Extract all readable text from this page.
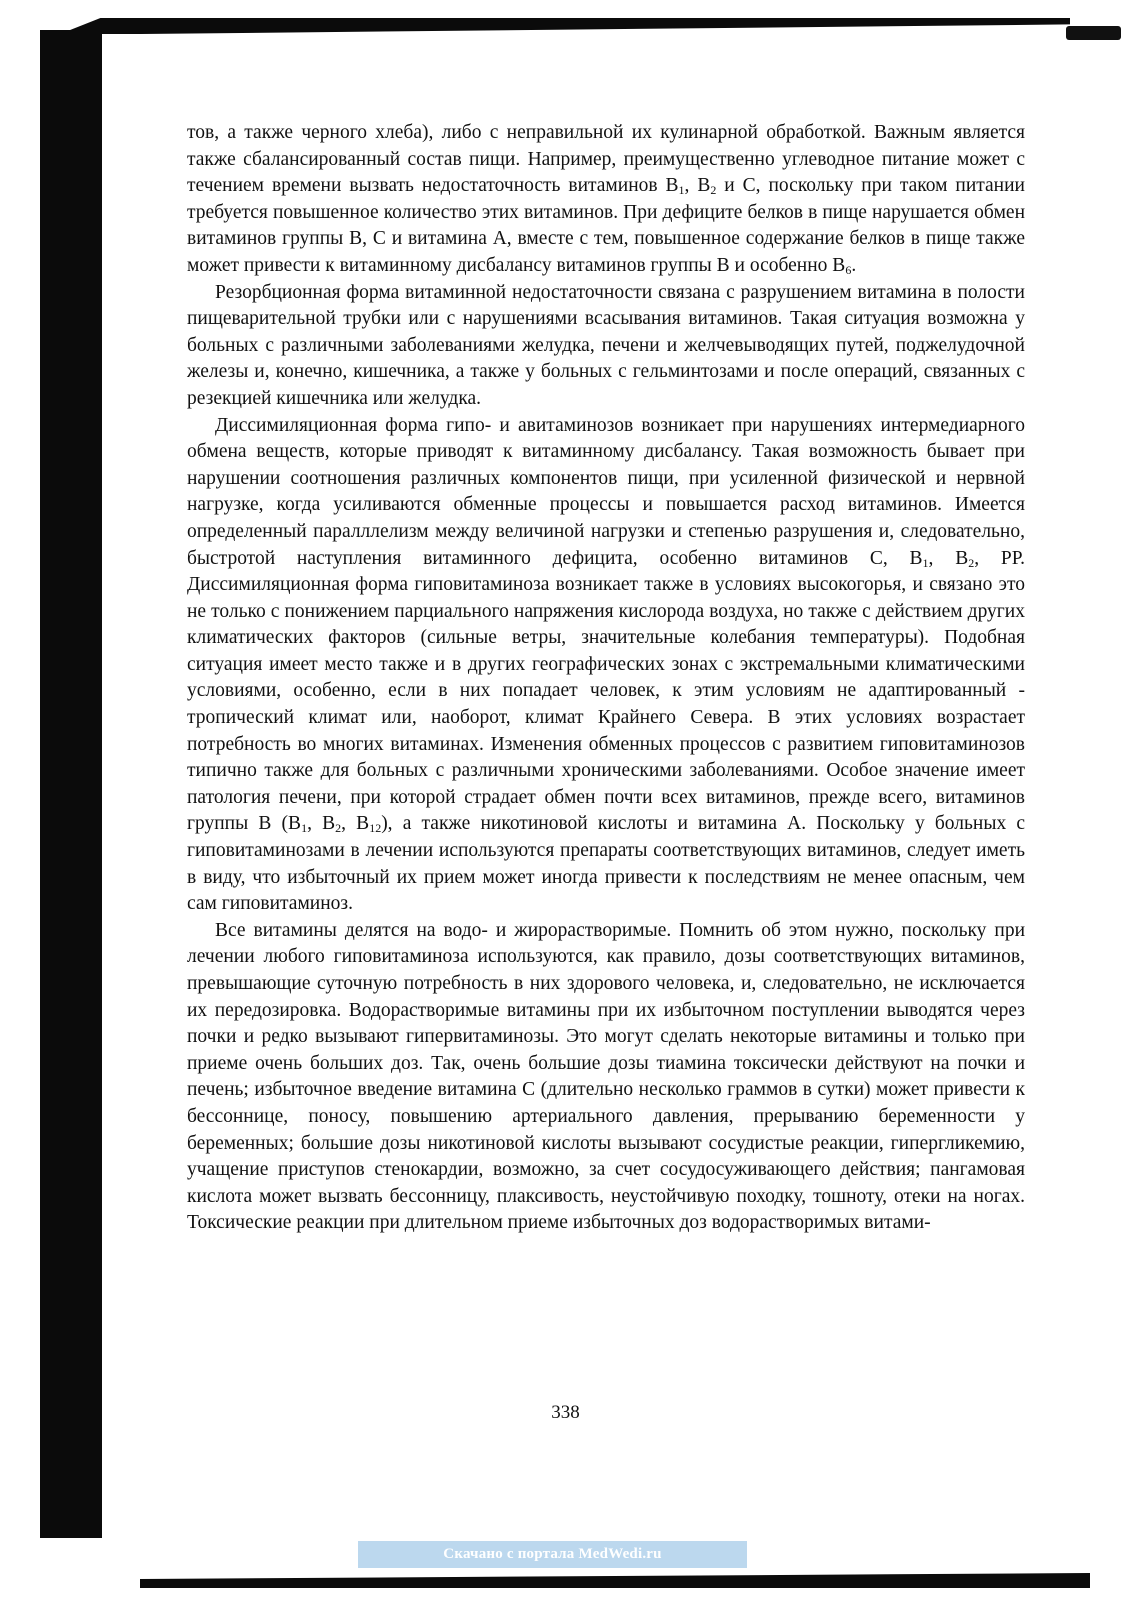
тов, а также черного хлеба), либо с неправильной их кулинарной обработкой. Важным является также сбалансированный состав пищи. Например, преимущественно углеводное питание может с течением времени вызвать недостаточность витаминов $B_1$, $B_2$ и С, поскольку при таком питании требуется повышенное количество этих витаминов. При дефиците белков в пище нарушается обмен витаминов группы В, С и витамина А, вместе с тем, повышенное содержание белков в пище также может привести к витаминному дисбалансу витаминов группы В и особенно $B_6$.

Резорбционная форма витаминной недостаточности связана с разрушением витамина в полости пищеварительной трубки или с нарушениями всасывания витаминов. Такая ситуация возможна у больных с различными заболеваниями желудка, печени и желчевыводящих путей, поджелудочной железы и, конечно, кишечника, а также у больных с гельминтозами и после операций, связанных с резекцией кишечника или желудка.

Диссимиляционная форма гипо- и авитаминозов возникает при нарушениях интермедиарного обмена веществ, которые приводят к витаминному дисбалансу. Такая возможность бывает при нарушении соотношения различных компонентов пищи, при усиленной физической и нервной нагрузке, когда усиливаются обменные процессы и повышается расход витаминов. Имеется определенный паралллелизм между величиной нагрузки и степенью разрушения и, следовательно, быстротой наступления витаминного дефицита, особенно витаминов С, $B_1$, $B_2$, РР. Диссимиляционная форма гиповитаминоза возникает также в условиях высокогорья, и связано это не только с понижением парциального напряжения кислорода воздуха, но также с действием других климатических факторов (сильные ветры, значительные колебания температуры). Подобная ситуация имеет место также и в других географических зонах с экстремальными климатическими условиями, особенно, если в них попадает человек, к этим условиям не адаптированный - тропический климат или, наоборот, климат Крайнего Севера. В этих условиях возрастает потребность во многих витаминах. Изменения обменных процессов с развитием гиповитаминозов типично также для больных с различными хроническими заболеваниями. Особое значение имеет патология печени, при которой страдает обмен почти всех витаминов, прежде всего, витаминов группы В ($B_1$, $B_2$, $B_{12}$), а также никотиновой кислоты и витамина А. Поскольку у больных с гиповитаминозами в лечении используются препараты соответствующих витаминов, следует иметь в виду, что избыточный их прием может иногда привести к последствиям не менее опасным, чем сам гиповитаминоз.

Все витамины делятся на водо- и жирорастворимые. Помнить об этом нужно, поскольку при лечении любого гиповитаминоза используются, как правило, дозы соответствующих витаминов, превышающие суточную потребность в них здорового человека, и, следовательно, не исключается их передозировка. Водорастворимые витамины при их избыточном поступлении выводятся через почки и редко вызывают гипервитаминозы. Это могут сделать некоторые витамины и только при приеме очень больших доз. Так, очень большие дозы тиамина токсически действуют на почки и печень; избыточное введение витамина С (длительно несколько граммов в сутки) может привести к бессоннице, поносу, повышению артериального давления, прерыванию беременности у беременных; большие дозы никотиновой кислоты вызывают сосудистые реакции, гипергликемию, учащение приступов стенокардии, возможно, за счет сосудосуживающего действия; пангамовая кислота может вызвать бессонницу, плаксивость, неустойчивую походку, тошноту, отеки на ногах. Токсические реакции при длительном приеме избыточных доз водорастворимых витами-

338
Скачано с портала MedWedi.ru
